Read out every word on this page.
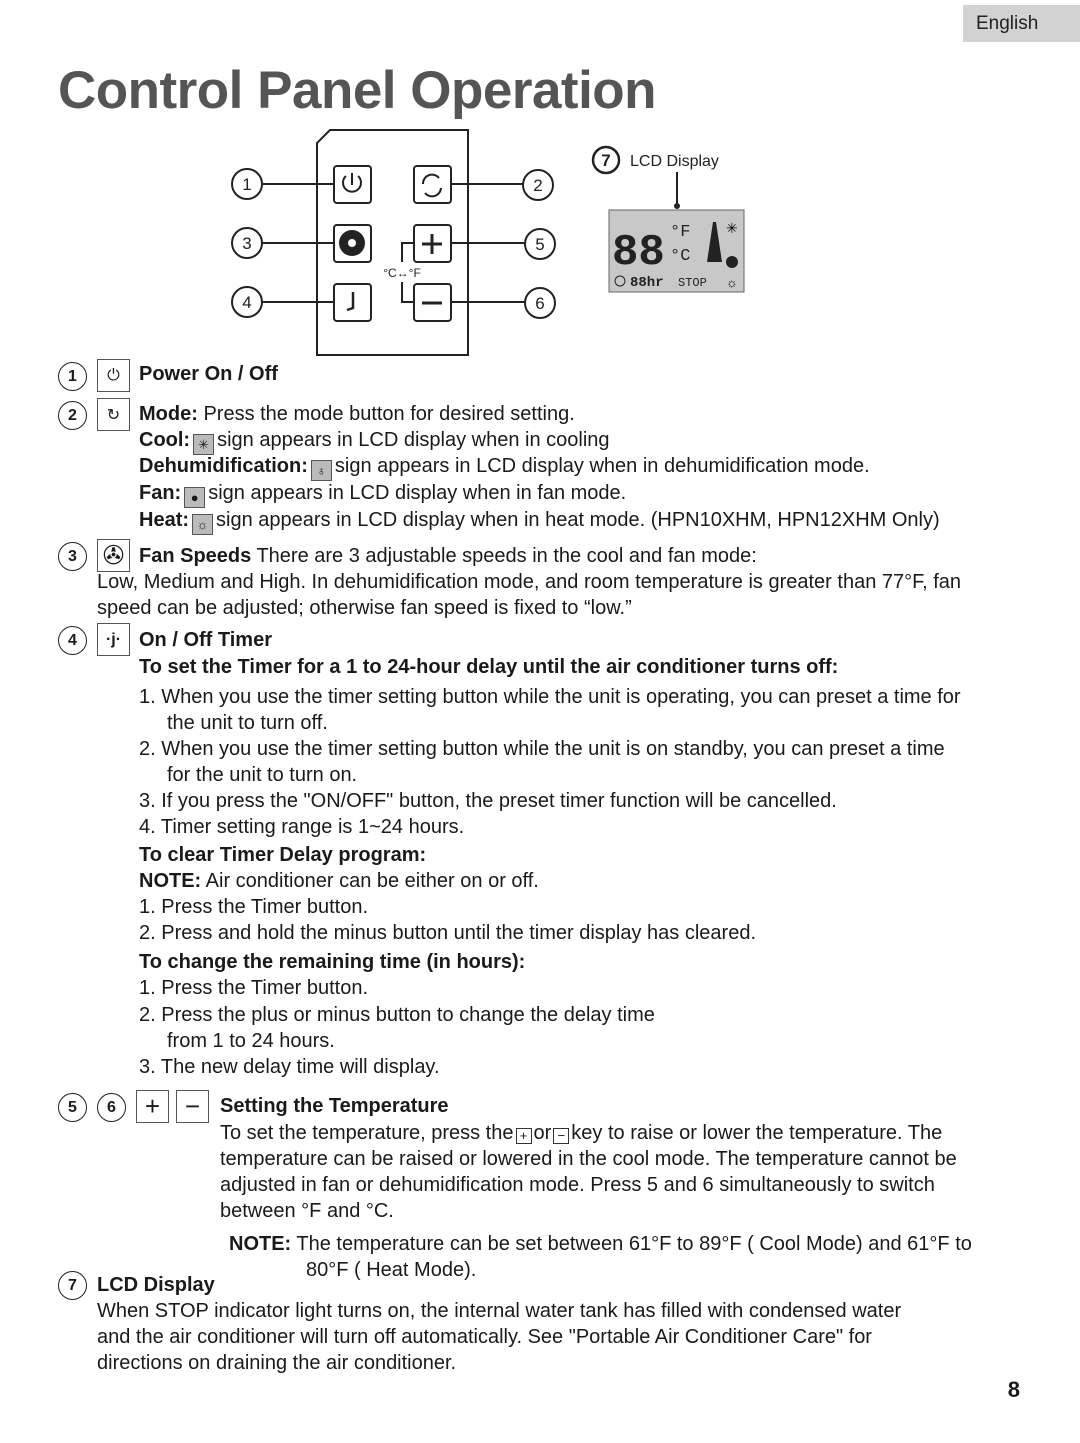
English
Control Panel Operation
1	2
3	5
4	6
°C↔°F
7 LCD Display
88 °F
°C
88hr STOP
✳
☼
1	⏻ Power On / Off
2	↻ Mode: Press the mode button for desired setting.
Cool: ✳ sign appears in LCD display when in cooling
Dehumidification: ♁ sign appears in LCD display when in dehumidification mode.
Fan: ● sign appears in LCD display when in fan mode.
Heat: ☼ sign appears in LCD display when in heat mode. (HPN10XHM, HPN12XHM Only)
3 ✇ Fan Speeds There are 3 adjustable speeds in the cool and fan mode:
Low, Medium and High. In dehumidification mode, and room temperature is greater than 77°F, fan
speed can be adjusted; otherwise fan speed is fixed to “low.”
4	·j· On / Off Timer
To set the Timer for a 1 to 24-hour delay until the air conditioner turns off:
1. When you use the timer setting button while the unit is operating, you can preset a time for
the unit to turn off.
2. When you use the timer setting button while the unit is on standby, you can preset a time
for the unit to turn on.
3. If you press the "ON/OFF" button, the preset timer function will be cancelled.
4. Timer setting range is 1~24 hours.
To clear Timer Delay program:
NOTE: Air conditioner can be either on or off.
1. Press the Timer button.
2. Press and hold the minus button until the timer display has cleared.
To change the remaining time (in hours):
1. Press the Timer button.
2. Press the plus or minus button to change the delay time
from 1 to 24 hours.
3. The new delay time will display.
5	6	+ − Setting the Temperature
To set the temperature, press the + or − key to raise or lower the temperature. The
temperature can be raised or lowered in the cool mode. The temperature cannot be
adjusted in fan or dehumidification mode. Press 5 and 6 simultaneously to switch
between °F and °C.
NOTE: The temperature can be set between 61°F to 89°F ( Cool Mode) and 61°F to
80°F ( Heat Mode).
7	LCD Display
When STOP indicator light turns on, the internal water tank has filled with condensed water
and the air conditioner will turn off automatically. See "Portable Air Conditioner Care" for
directions on draining the air conditioner.
8
